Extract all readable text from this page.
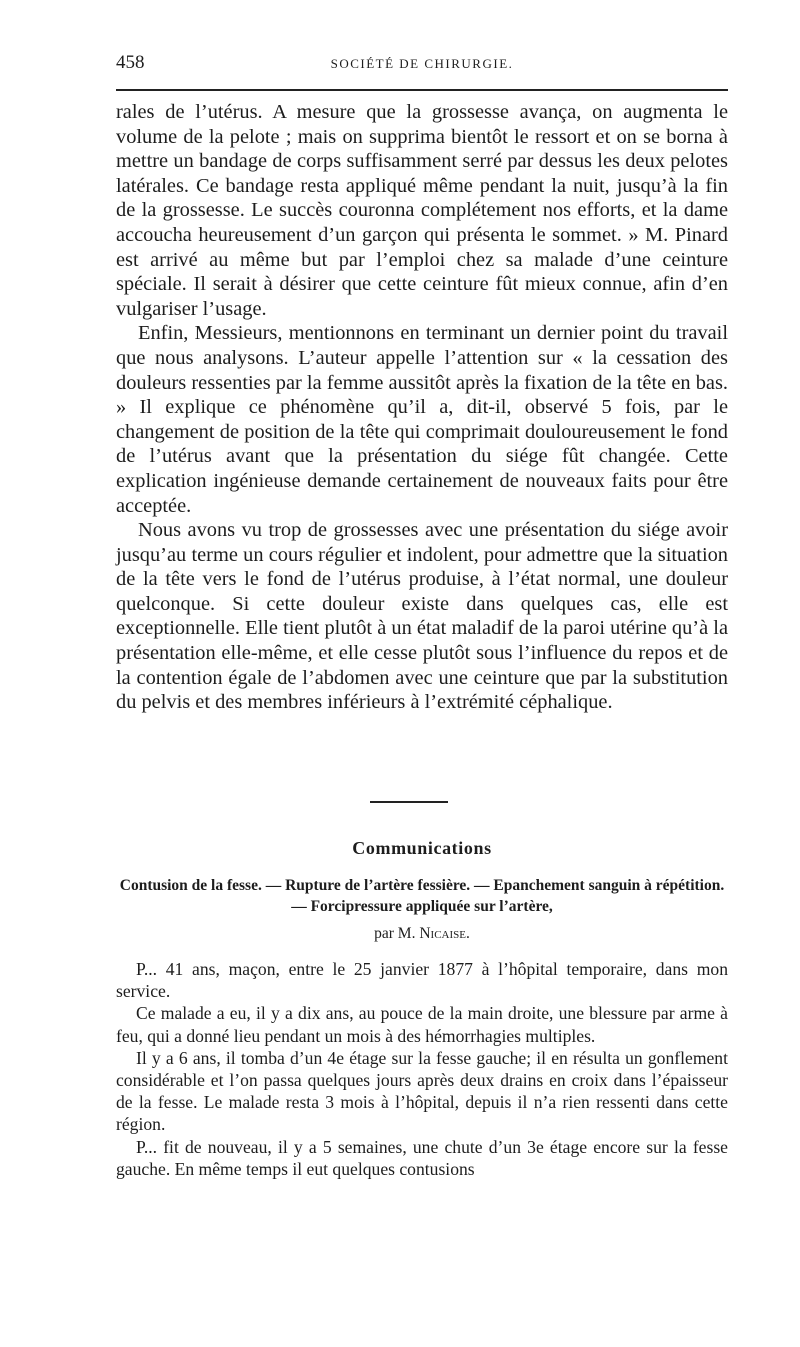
458	SOCIÉTÉ DE CHIRURGIE.

rales de l’utérus. A mesure que la grossesse avança, on augmenta le volume de la pelote ; mais on supprima bientôt le ressort et on se borna à mettre un bandage de corps suffisamment serré par dessus les deux pelotes latérales. Ce bandage resta appliqué même pendant la nuit, jusqu’à la fin de la grossesse. Le succès couronna complétement nos efforts, et la dame accoucha heureusement d’un garçon qui présenta le sommet. » M. Pinard est arrivé au même but par l’emploi chez sa malade d’une ceinture spéciale. Il serait à désirer que cette ceinture fût mieux connue, afin d’en vulgariser l’usage.

Enfin, Messieurs, mentionnons en terminant un dernier point du travail que nous analysons. L’auteur appelle l’attention sur « la cessation des douleurs ressenties par la femme aussitôt après la fixation de la tête en bas. » Il explique ce phénomène qu’il a, dit-il, observé 5 fois, par le changement de position de la tête qui comprimait douloureusement le fond de l’utérus avant que la présentation du siége fût changée. Cette explication ingénieuse demande certainement de nouveaux faits pour être acceptée.

Nous avons vu trop de grossesses avec une présentation du siége avoir jusqu’au terme un cours régulier et indolent, pour admettre que la situation de la tête vers le fond de l’utérus produise, à l’état normal, une douleur quelconque. Si cette douleur existe dans quelques cas, elle est exceptionnelle. Elle tient plutôt à un état maladif de la paroi utérine qu’à la présentation elle-même, et elle cesse plutôt sous l’influence du repos et de la contention égale de l’abdomen avec une ceinture que par la substitution du pelvis et des membres inférieurs à l’extrémité céphalique.

Communications
Contusion de la fesse. — Rupture de l’artère fessière. — Epanchement sanguin à répétition. — Forcipressure appliquée sur l’artère,
par M. Nicaise.

P... 41 ans, maçon, entre le 25 janvier 1877 à l’hôpital temporaire, dans mon service.

Ce malade a eu, il y a dix ans, au pouce de la main droite, une blessure par arme à feu, qui a donné lieu pendant un mois à des hémorrhagies multiples.

Il y a 6 ans, il tomba d’un 4e étage sur la fesse gauche; il en résulta un gonflement considérable et l’on passa quelques jours après deux drains en croix dans l’épaisseur de la fesse. Le malade resta 3 mois à l’hôpital, depuis il n’a rien ressenti dans cette région.

P... fit de nouveau, il y a 5 semaines, une chute d’un 3e étage encore sur la fesse gauche. En même temps il eut quelques contusions
